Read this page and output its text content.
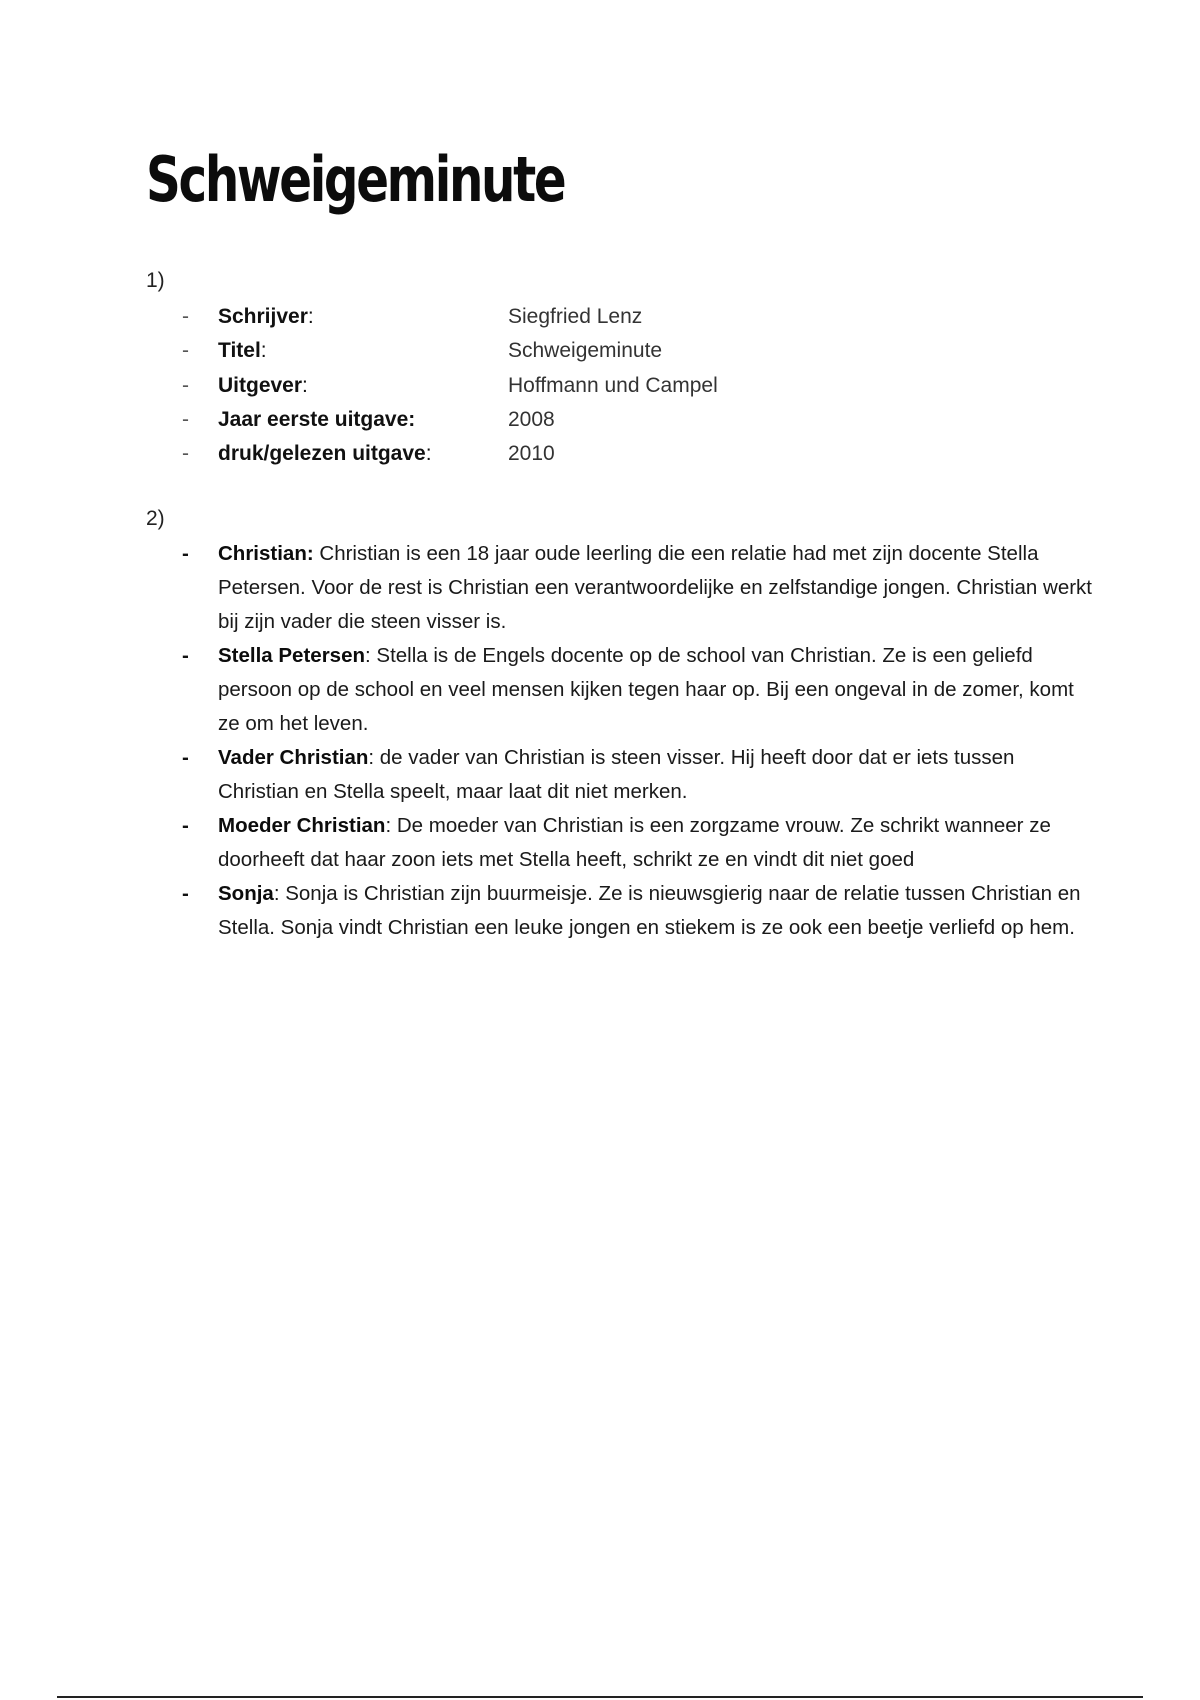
Schweigeminute
1)
- Schrijver:	Siegfried Lenz
- Titel:	Schweigeminute
- Uitgever:	Hoffmann und Campel
- Jaar eerste uitgave:	2008
- druk/gelezen uitgave:	2010
2)
- Christian: Christian is een 18 jaar oude leerling die een relatie had met zijn docente Stella Petersen. Voor de rest is Christian een verantwoordelijke en zelfstandige jongen. Christian werkt bij zijn vader die steen visser is.
- Stella Petersen: Stella is de Engels docente op de school van Christian. Ze is een geliefd persoon op de school en veel mensen kijken tegen haar op. Bij een ongeval in de zomer, komt ze om het leven.
- Vader Christian: de vader van Christian is steen visser. Hij heeft door dat er iets tussen Christian en Stella speelt, maar laat dit niet merken.
- Moeder Christian: De moeder van Christian is een zorgzame vrouw. Ze schrikt wanneer ze doorheeft dat haar zoon iets met Stella heeft, schrikt ze en vindt dit niet goed
- Sonja: Sonja is Christian zijn buurmeisje. Ze is nieuwsgierig naar de relatie tussen Christian en Stella. Sonja vindt Christian een leuke jongen en stiekem is ze ook een beetje verliefd op hem.
